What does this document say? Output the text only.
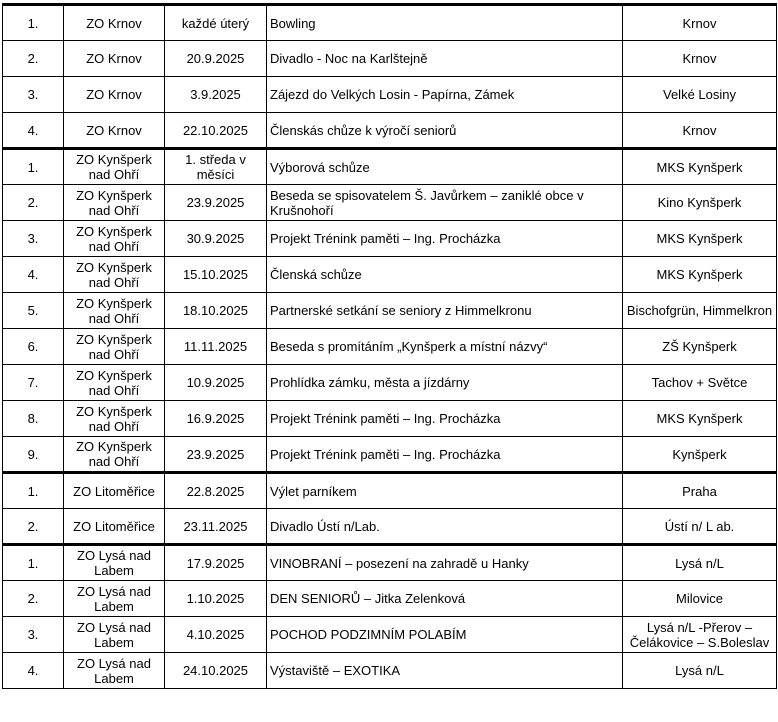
1.	ZO Krnov	každé úterý	Bowling	Krnov
2.	ZO Krnov	20.9.2025	Divadlo - Noc na Karlštejně	Krnov
3.	ZO Krnov	3.9.2025	Zájezd do Velkých Losin - Papírna, Zámek	Velké Losiny
4.	ZO Krnov	22.10.2025	Členskás chůze k výročí seniorů	Krnov
1.	ZO Kynšperk nad Ohří	1. středa v měsíci	Výborová schůze	MKS Kynšperk
2.	ZO Kynšperk nad Ohří	23.9.2025	Beseda se spisovatelem Š. Javůrkem – zaniklé obce v Krušnohoří	Kino Kynšperk
3.	ZO Kynšperk nad Ohří	30.9.2025	Projekt Trénink paměti – Ing. Procházka	MKS Kynšperk
4.	ZO Kynšperk nad Ohří	15.10.2025	Členská schůze	MKS Kynšperk
5.	ZO Kynšperk nad Ohří	18.10.2025	Partnerské setkání se seniory z Himmelkronu	Bischofgrün, Himmelkron
6.	ZO Kynšperk nad Ohří	11.11.2025	Beseda s promítáním „Kynšperk a místní názvy“	ZŠ Kynšperk
7.	ZO Kynšperk nad Ohří	10.9.2025	Prohlídka zámku, města a jízdárny	Tachov + Světce
8.	ZO Kynšperk nad Ohří	16.9.2025	Projekt Trénink paměti – Ing. Procházka	MKS Kynšperk
9.	ZO Kynšperk nad Ohří	23.9.2025	Projekt Trénink paměti – Ing. Procházka	Kynšperk
1.	ZO Litoměřice	22.8.2025	Výlet parníkem	Praha
2.	ZO Litoměřice	23.11.2025	Divadlo Ústí n/Lab.	Ústí n/ L ab.
1.	ZO Lysá nad Labem	17.9.2025	VINOBRANÍ – posezení na zahradě u Hanky	Lysá n/L
2.	ZO Lysá nad Labem	1.10.2025	DEN SENIORŮ – Jitka Zelenková	Milovice
3.	ZO Lysá nad Labem	4.10.2025	POCHOD PODZIMNÍM POLABÍM	Lysá n/L -Přerov – Čelákovice – S.Boleslav
4.	ZO Lysá nad Labem	24.10.2025	Výstaviště – EXOTIKA	Lysá n/L
